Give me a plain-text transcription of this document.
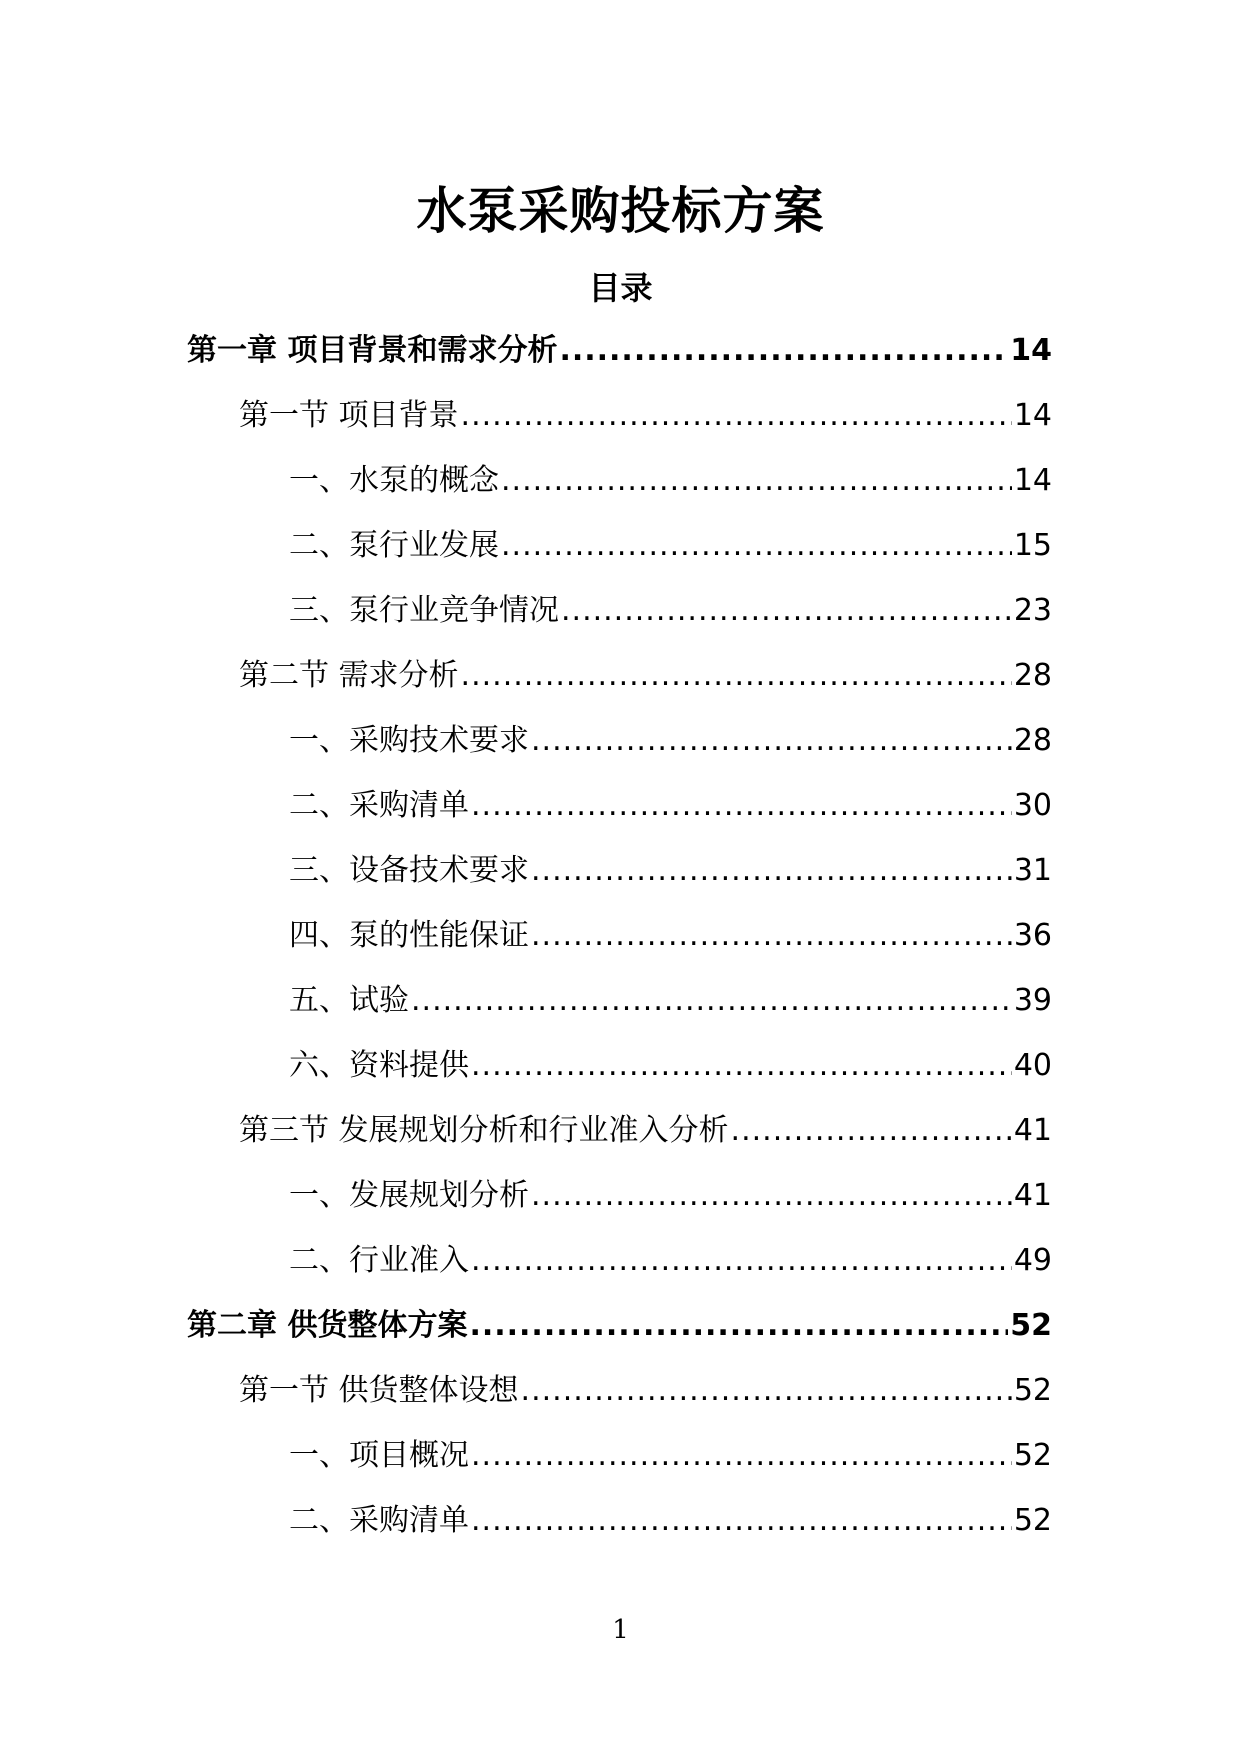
水泵采购投标方案
目录
第一章 项目背景和需求分析 .....	14
第一节 项目背景 .....	14
一、水泵的概念 .....	14
二、泵行业发展 .....	15
三、泵行业竞争情况 .....	23
第二节 需求分析 .....	28
一、采购技术要求 .....	28
二、采购清单 .....	30
三、设备技术要求 .....	31
四、泵的性能保证 .....	36
五、试验 .....	39
六、资料提供 .....	40
第三节 发展规划分析和行业准入分析 .....	41
一、发展规划分析 .....	41
二、行业准入 .....	49
第二章 供货整体方案 .....	52
第一节 供货整体设想 .....	52
一、项目概况 .....	52
二、采购清单 .....	52
1
